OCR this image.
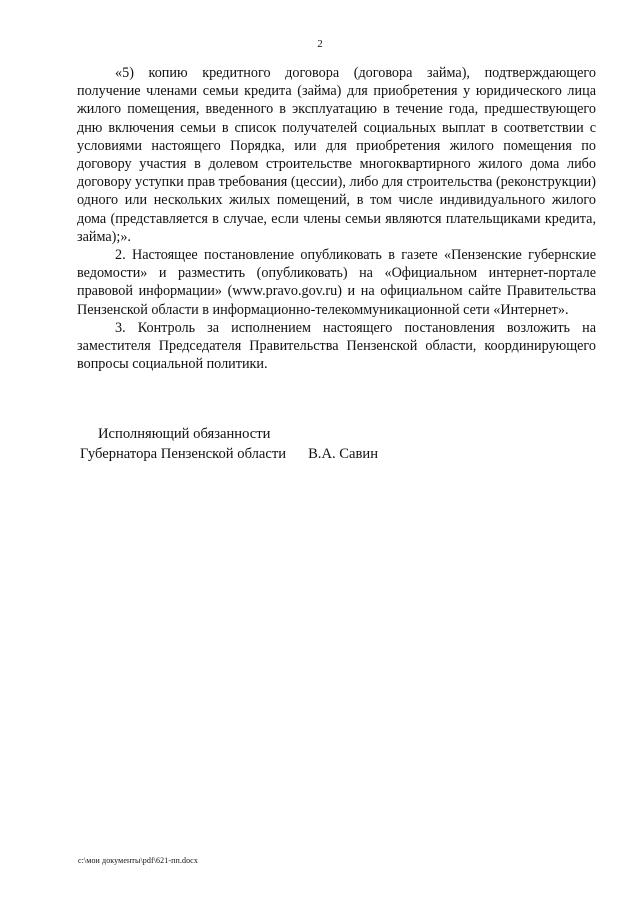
2

«5) копию кредитного договора (договора займа), подтверждающего получение членами семьи кредита (займа) для приобретения у юридического лица жилого помещения, введенного в эксплуатацию в течение года, предшествующего дню включения семьи в список получателей социальных выплат в соответствии с условиями настоящего Порядка, или для приобретения жилого помещения по договору участия в долевом строительстве многоквартирного жилого дома либо договору уступки прав требования (цессии), либо для строительства (реконструкции) одного или нескольких жилых помещений, в том числе индивидуального жилого дома (представляется в случае, если члены семьи являются плательщиками кредита, займа);».

2. Настоящее постановление опубликовать в газете «Пензенские губернские ведомости» и разместить (опубликовать) на «Официальном интернет-портале правовой информации» (www.pravo.gov.ru) и на официальном сайте Правительства Пензенской области в информационно-телекоммуникационной сети «Интернет».

3. Контроль за исполнением настоящего постановления возложить на заместителя Председателя Правительства Пензенской области, координирующего вопросы социальной политики.

Исполняющий обязанности
Губернатора Пензенской области В.А. Савин
c:\мои документы\pdf\621-пп.docx
